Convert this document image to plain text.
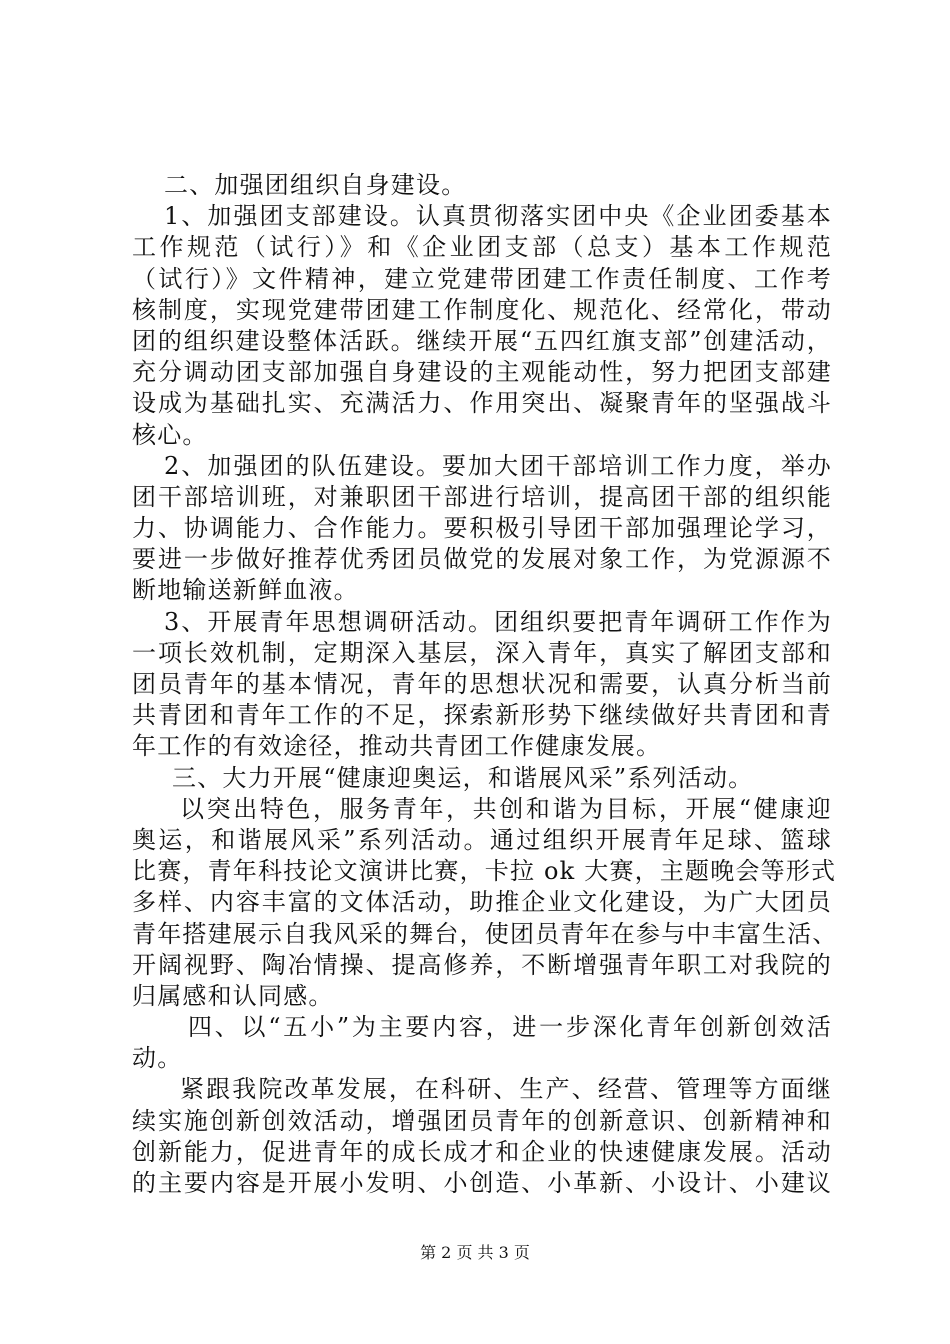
二、加强团组织自身建设。
1、加强团支部建设。认真贯彻落实团中央《企业团委基本
工作规范（试行）》和《企业团支部（总支）基本工作规范
（试行）》文件精神，建立党建带团建工作责任制度、工作考
核制度，实现党建带团建工作制度化、规范化、经常化，带动
团的组织建设整体活跃。继续开展“五四红旗支部”创建活动，
充分调动团支部加强自身建设的主观能动性，努力把团支部建
设成为基础扎实、充满活力、作用突出、凝聚青年的坚强战斗
核心。
2、加强团的队伍建设。要加大团干部培训工作力度，举办
团干部培训班，对兼职团干部进行培训，提高团干部的组织能
力、协调能力、合作能力。要积极引导团干部加强理论学习，
要进一步做好推荐优秀团员做党的发展对象工作，为党源源不
断地输送新鲜血液。
3、开展青年思想调研活动。团组织要把青年调研工作作为
一项长效机制，定期深入基层，深入青年，真实了解团支部和
团员青年的基本情况，青年的思想状况和需要，认真分析当前
共青团和青年工作的不足，探索新形势下继续做好共青团和青
年工作的有效途径，推动共青团工作健康发展。
三、大力开展“健康迎奥运，和谐展风采”系列活动。
以突出特色，服务青年，共创和谐为目标，开展“健康迎
奥运，和谐展风采”系列活动。通过组织开展青年足球、篮球
比赛，青年科技论文演讲比赛，卡拉 ok 大赛，主题晚会等形式
多样、内容丰富的文体活动，助推企业文化建设，为广大团员
青年搭建展示自我风采的舞台，使团员青年在参与中丰富生活、
开阔视野、陶冶情操、提高修养，不断增强青年职工对我院的
归属感和认同感。
四、以“五小”为主要内容，进一步深化青年创新创效活
动。
紧跟我院改革发展，在科研、生产、经营、管理等方面继
续实施创新创效活动，增强团员青年的创新意识、创新精神和
创新能力，促进青年的成长成才和企业的快速健康发展。活动
的主要内容是开展小发明、小创造、小革新、小设计、小建议
第 2 页 共 3 页
